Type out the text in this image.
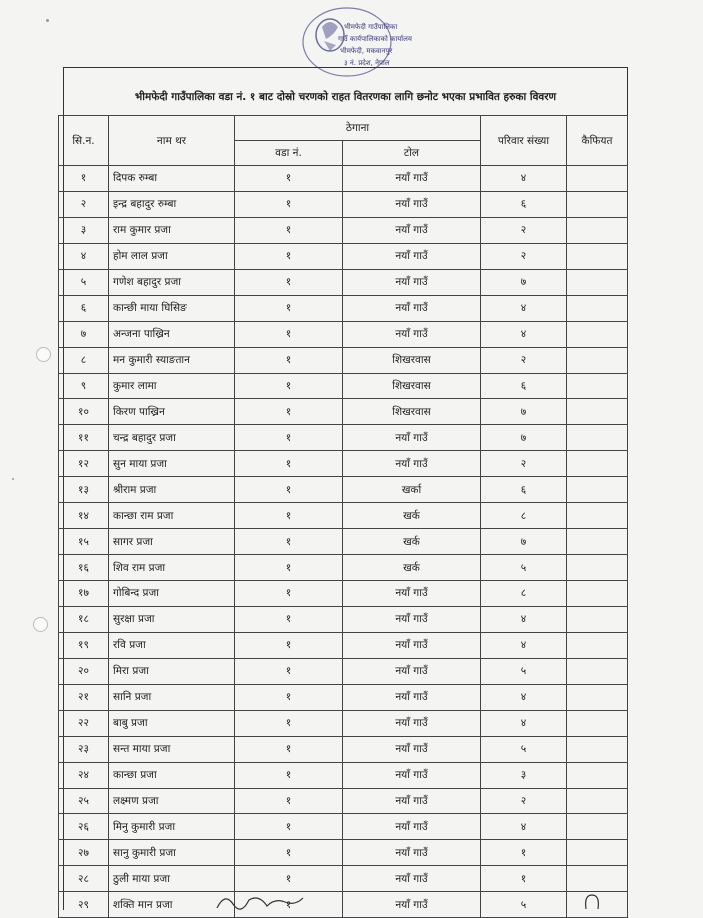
भीमफेदी गाउँपालिका
गाउँ कार्यपालिकाको कार्यालय
भीमफेदी, मकवानपुर
३ नं. प्रदेश, नेपाल
भीमफेदी गाउँपालिका वडा नं. १ बाट दोस्रो चरणको राहत वितरणका लागि छनोट भएका प्रभावित हरुका विवरण
सि.न.	नाम थर	ठेगाना		परिवार संख्या	कैफियत
		वडा नं.	टोल		
१	दिपक रुम्बा	१	नयाँ गाउँ	४	
२	इन्द्र बहादुर रुम्बा	१	नयाँ गाउँ	६	
३	राम कुमार प्रजा	१	नयाँ गाउँ	२	
४	होम लाल प्रजा	१	नयाँ गाउँ	२	
५	गणेश बहादुर प्रजा	१	नयाँ गाउँ	७	
६	कान्छी माया घिसिङ	१	नयाँ गाउँ	४	
७	अन्जना पाख्रिन	१	नयाँ गाउँ	४	
८	मन कुमारी स्याङतान	१	शिखरवास	२	
९	कुमार लामा	१	शिखरवास	६	
१०	किरण पाख्रिन	१	शिखरवास	७	
११	चन्द्र बहादुर प्रजा	१	नयाँ गाउँ	७	
१२	सुन माया प्रजा	१	नयाँ गाउँ	२	
१३	श्रीराम प्रजा	१	खर्का	६	
१४	कान्छा राम प्रजा	१	खर्क	८	
१५	सागर प्रजा	१	खर्क	७	
१६	शिव राम प्रजा	१	खर्क	५	
१७	गोबिन्द प्रजा	१	नयाँ गाउँ	८	
१८	सुरक्षा प्रजा	१	नयाँ गाउँ	४	
१९	रवि प्रजा	१	नयाँ गाउँ	४	
२०	मिरा प्रजा	१	नयाँ गाउँ	५	
२१	सानि प्रजा	१	नयाँ गाउँ	४	
२२	बाबु प्रजा	१	नयाँ गाउँ	४	
२३	सन्त माया प्रजा	१	नयाँ गाउँ	५	
२४	कान्छा प्रजा	१	नयाँ गाउँ	३	
२५	लक्ष्मण प्रजा	१	नयाँ गाउँ	२	
२६	मिनु कुमारी प्रजा	१	नयाँ गाउँ	४	
२७	सानु कुमारी प्रजा	१	नयाँ गाउँ	१	
२८	ठुली माया प्रजा	१	नयाँ गाउँ	१	
२९	शक्ति मान प्रजा	१	नयाँ गाउँ	५	
